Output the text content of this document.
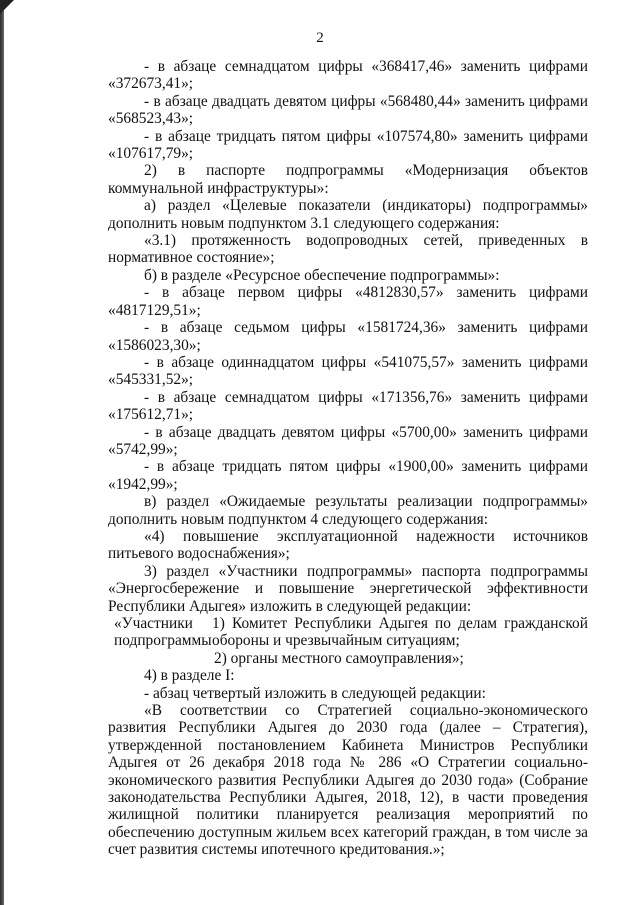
2

- в абзаце семнадцатом цифры «368417,46» заменить цифрами «372673,41»;

- в абзаце двадцать девятом цифры «568480,44» заменить цифрами «568523,43»;

- в абзаце тридцать пятом цифры «107574,80» заменить цифрами «107617,79»;

2) в паспорте подпрограммы «Модернизация объектов коммунальной инфраструктуры»:

а) раздел «Целевые показатели (индикаторы) подпрограммы» дополнить новым подпунктом 3.1 следующего содержания:

«3.1) протяженность водопроводных сетей, приведенных в нормативное состояние»;

б) в разделе «Ресурсное обеспечение подпрограммы»:

- в абзаце первом цифры «4812830,57» заменить цифрами «4817129,51»;

- в абзаце седьмом цифры «1581724,36» заменить цифрами «1586023,30»;

- в абзаце одиннадцатом цифры «541075,57» заменить цифрами «545331,52»;

- в абзаце семнадцатом цифры «171356,76» заменить цифрами «175612,71»;

- в абзаце двадцать девятом цифры «5700,00» заменить цифрами «5742,99»;

- в абзаце тридцать пятом цифры «1900,00» заменить цифрами «1942,99»;

в) раздел «Ожидаемые результаты реализации подпрограммы» дополнить новым подпунктом 4 следующего содержания:

«4) повышение эксплуатационной надежности источников питьевого водоснабжения»;

3) раздел «Участники подпрограммы» паспорта подпрограммы «Энергосбережение и повышение энергетической эффективности Республики Адыгея» изложить в следующей редакции:

«Участники подпрограммы

1) Комитет Республики Адыгея по делам гражданской обороны и чрезвычайным ситуациям;

2) органы местного самоуправления»;

4) в разделе I:

- абзац четвертый изложить в следующей редакции:

«В соответствии со Стратегией социально-экономического развития Республики Адыгея до 2030 года (далее – Стратегия), утвержденной постановлением Кабинета Министров Республики Адыгея от 26 декабря 2018 года № 286 «О Стратегии социально-экономического развития Республики Адыгея до 2030 года» (Собрание законодательства Республики Адыгея, 2018, 12), в части проведения жилищной политики планируется реализация мероприятий по обеспечению доступным жильем всех категорий граждан, в том числе за счет развития системы ипотечного кредитования.»;
